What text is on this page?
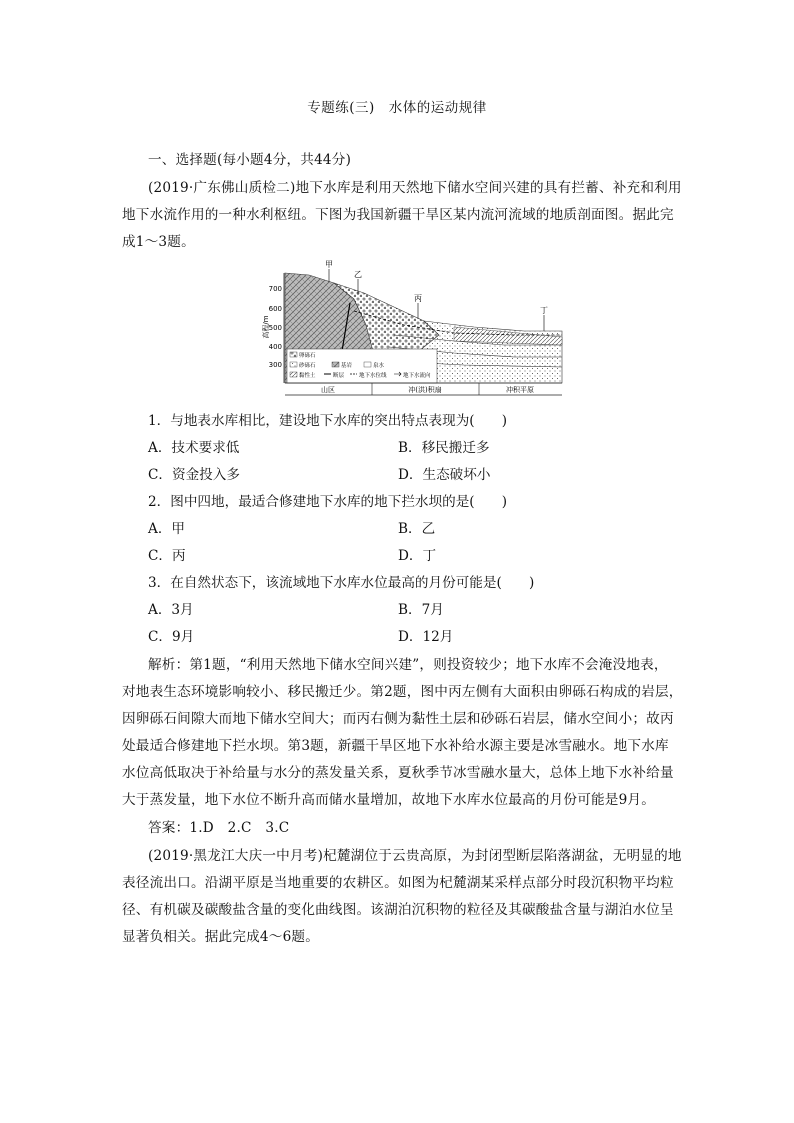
专题练(三)　水体的运动规律
一、选择题(每小题4分，共44分)
(2019·广东佛山质检二)地下水库是利用天然地下储水空间兴建的具有拦蓄、补充和利用
地下水流作用的一种水利枢纽。下图为我国新疆干旱区某内流河流域的地质剖面图。据此完
成1～3题。
高程/m
700
600
500
400
300
甲
乙
丙
丁
卵砾石
砂砾石	基岩	泉水
黏性土	断层	地下水位线	地下水流向
山区	冲(洪)积扇	冲积平原
1．与地表水库相比，建设地下水库的突出特点表现为(　　)
A．技术要求低	B．移民搬迁多
C．资金投入多	D．生态破坏小
2．图中四地，最适合修建地下水库的地下拦水坝的是(　　)
A．甲	B．乙
C．丙	D．丁
3．在自然状态下，该流域地下水库水位最高的月份可能是(　　)
A．3月	B．7月
C．9月	D．12月
解析：第1题，“利用天然地下储水空间兴建”，则投资较少；地下水库不会淹没地表，
对地表生态环境影响较小、移民搬迁少。第2题，图中丙左侧有大面积由卵砾石构成的岩层，
因卵砾石间隙大而地下储水空间大；而丙右侧为黏性土层和砂砾石岩层，储水空间小；故丙
处最适合修建地下拦水坝。第3题，新疆干旱区地下水补给水源主要是冰雪融水。地下水库
水位高低取决于补给量与水分的蒸发量关系，夏秋季节冰雪融水量大，总体上地下水补给量
大于蒸发量，地下水位不断升高而储水量增加，故地下水库水位最高的月份可能是9月。
答案：1.D　2.C　3.C
(2019·黑龙江大庆一中月考)杞麓湖位于云贵高原，为封闭型断层陷落湖盆，无明显的地
表径流出口。沿湖平原是当地重要的农耕区。如图为杞麓湖某采样点部分时段沉积物平均粒
径、有机碳及碳酸盐含量的变化曲线图。该湖泊沉积物的粒径及其碳酸盐含量与湖泊水位呈
显著负相关。据此完成4～6题。
